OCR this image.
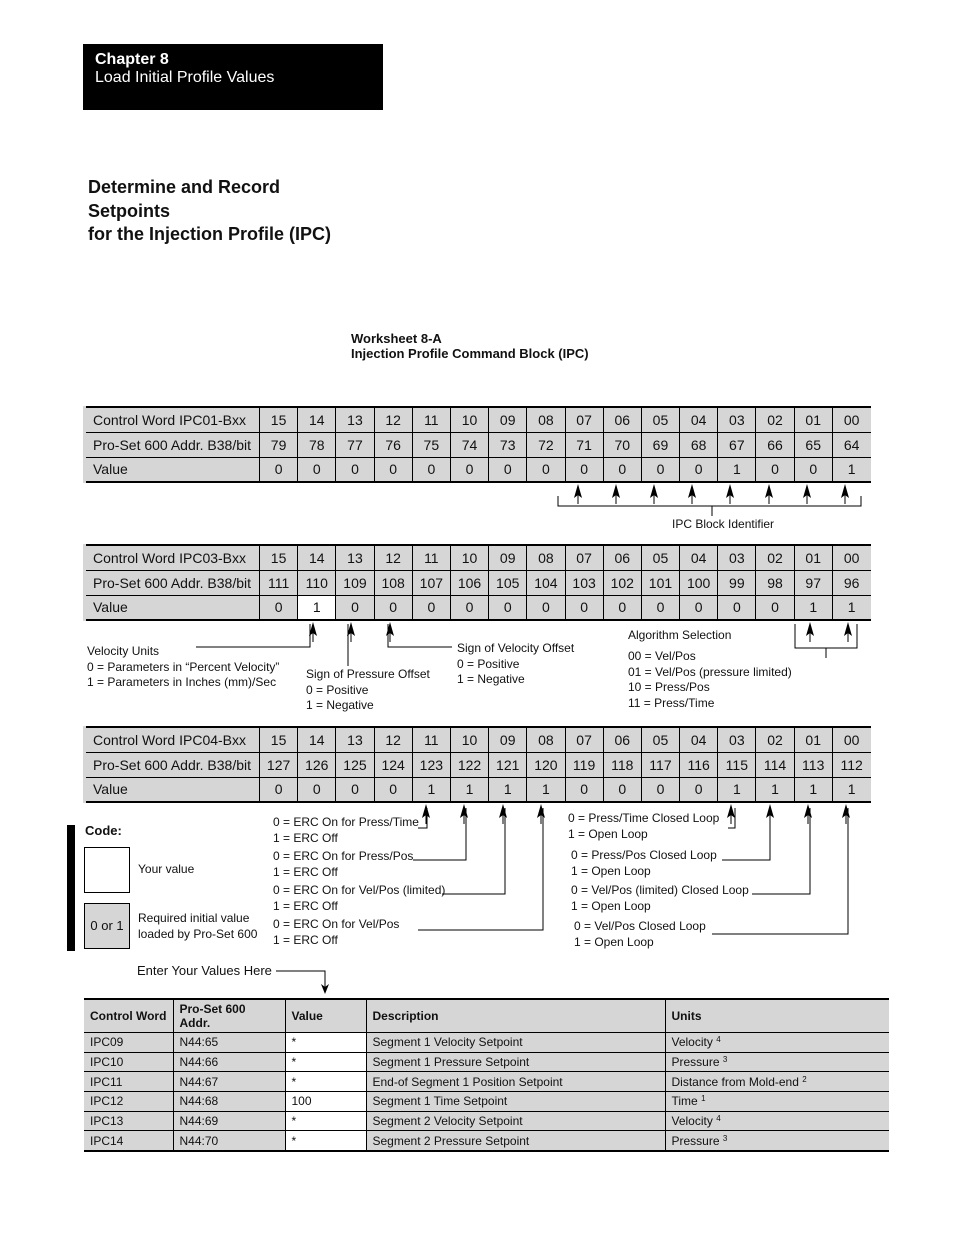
Chapter 8
Load Initial Profile Values
Determine and Record
Setpoints
for the Injection Profile (IPC)
Worksheet 8-A
Injection Profile Command Block (IPC)
Control Word IPC01-Bxx	15	14	13	12	11	10	09	08	07	06	05	04	03	02	01	00
Pro-Set 600 Addr. B38/bit	79	78	77	76	75	74	73	72	71	70	69	68	67	66	65	64
Value	0	0	0	0	0	0	0	0	0	0	0	0	1	0	0	1
Control Word IPC03-Bxx	15	14	13	12	11	10	09	08	07	06	05	04	03	02	01	00
Pro-Set 600 Addr. B38/bit	111	110	109	108	107	106	105	104	103	102	101	100	99	98	97	96
Value	0	1	0	0	0	0	0	0	0	0	0	0	0	0	1	1
Control Word IPC04-Bxx	15	14	13	12	11	10	09	08	07	06	05	04	03	02	01	00
Pro-Set 600 Addr. B38/bit	127	126	125	124	123	122	121	120	119	118	117	116	115	114	113	112
Value	0	0	0	0	1	1	1	1	0	0	0	0	1	1	1	1
IPC Block Identifier
Velocity Units
0 = Parameters in “Percent Velocity”
1 = Parameters in Inches (mm)/Sec
Sign of Pressure Offset
0 = Positive
1 = Negative
Sign of Velocity Offset
0 = Positive
1 = Negative
Algorithm Selection
00 = Vel/Pos
01 = Vel/Pos (pressure limited)
10 = Press/Pos
11 = Press/Time
0 = ERC On for Press/Time
1 = ERC Off
0 = ERC On for Press/Pos
1 = ERC Off
0 = ERC On for Vel/Pos (limited)
1 = ERC Off
0 = ERC On for Vel/Pos
1 = ERC Off
0 = Press/Time Closed Loop
1 = Open Loop
0 = Press/Pos Closed Loop
1 = Open Loop
0 = Vel/Pos (limited) Closed Loop
1 = Open Loop
0 = Vel/Pos Closed Loop
1 = Open Loop
Code:
Your value
0 or 1	Required initial value
loaded by Pro-Set 600
Enter Your Values Here
Control Word	Pro-Set 600 Addr.	Value	Description	Units
IPC09	N44:65	*	Segment 1 Velocity Setpoint	Velocity $^4$
IPC10	N44:66	*	Segment 1 Pressure Setpoint	Pressure $^3$
IPC11	N44:67	*	End-of Segment 1 Position Setpoint	Distance from Mold-end $^2$
IPC12	N44:68	100	Segment 1 Time Setpoint	Time $^1$
IPC13	N44:69	*	Segment 2 Velocity Setpoint	Velocity $^4$
IPC14	N44:70	*	Segment 2 Pressure Setpoint	Pressure $^3$
